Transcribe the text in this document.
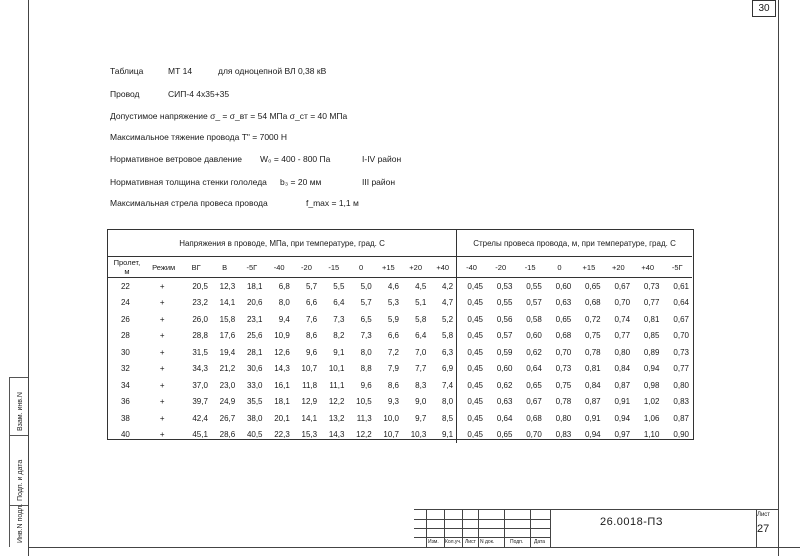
30
Взам. инв.N
Подп. и дата
Инв.N подл.
Таблица	МТ 14	для одноцепной ВЛ 0,38 кВ
Провод	СИП-4 4х35+35
Допустимое напряжение σ_ = σ_вт = 54 МПа σ_ст = 40 МПа
Максимальное тяжение провода Т" = 7000 Н
Нормативное ветровое давление W₀ = 400 - 800 Па	I-IV район
Нормативная толщина стенки гололеда b₃ = 20 мм	III район
Максимальная стрела провеса провода	f_max = 1,1 м
Напряжения в проводе, МПа, при температуре, град. С												Стрелы провеса провода, м, при температуре, град. С							
Пролет,
м	Режим	ВГ	В	-5Г	-40	-20	-15	0	+15	+20	+40	-40	-20	-15	0	+15	+20	+40	-5Г
22	+	20,5	12,3	18,1	6,8	5,7	5,5	5,0	4,6	4,5	4,2	0,45	0,53	0,55	0,60	0,65	0,67	0,73	0,61
24	+	23,2	14,1	20,6	8,0	6,6	6,4	5,7	5,3	5,1	4,7	0,45	0,55	0,57	0,63	0,68	0,70	0,77	0,64
26	+	26,0	15,8	23,1	9,4	7,6	7,3	6,5	5,9	5,8	5,2	0,45	0,56	0,58	0,65	0,72	0,74	0,81	0,67
28	+	28,8	17,6	25,6	10,9	8,6	8,2	7,3	6,6	6,4	5,8	0,45	0,57	0,60	0,68	0,75	0,77	0,85	0,70
30	+	31,5	19,4	28,1	12,6	9,6	9,1	8,0	7,2	7,0	6,3	0,45	0,59	0,62	0,70	0,78	0,80	0,89	0,73
32	+	34,3	21,2	30,6	14,3	10,7	10,1	8,8	7,9	7,7	6,9	0,45	0,60	0,64	0,73	0,81	0,84	0,94	0,77
34	+	37,0	23,0	33,0	16,1	11,8	11,1	9,6	8,6	8,3	7,4	0,45	0,62	0,65	0,75	0,84	0,87	0,98	0,80
36	+	39,7	24,9	35,5	18,1	12,9	12,2	10,5	9,3	9,0	8,0	0,45	0,63	0,67	0,78	0,87	0,91	1,02	0,83
38	+	42,4	26,7	38,0	20,1	14,1	13,2	11,3	10,0	9,7	8,5	0,45	0,64	0,68	0,80	0,91	0,94	1,06	0,87
40	+	45,1	28,6	40,5	22,3	15,3	14,3	12,2	10,7	10,3	9,1	0,45	0,65	0,70	0,83	0,94	0,97	1,10	0,90
Изм. Кол.уч. Лист N док.	Подп. Дата
26.0018-ПЗ
Лист
27
